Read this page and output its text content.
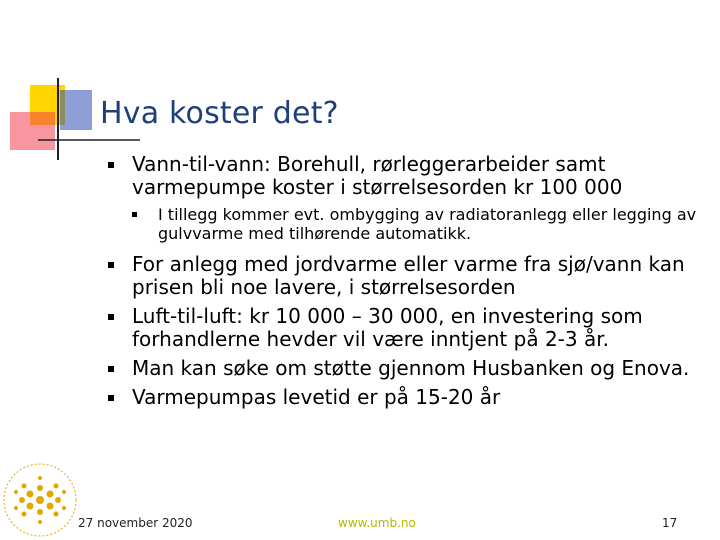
Hva koster det?
Vann-til-vann: Borehull, rørleggerarbeider samt varmepumpe koster i størrelsesorden kr 100 000
I tillegg kommer evt. ombygging av radiatoranlegg eller legging av gulvvarme med tilhørende automatikk.
For anlegg med jordvarme eller varme fra sjø/vann kan prisen bli noe lavere, i størrelsesorden
Luft-til-luft: kr 10 000 – 30 000, en investering som forhandlerne hevder vil være inntjent på 2-3 år.
Man kan søke om støtte gjennom Husbanken og Enova.
Varmepumpas levetid er på 15-20 år
27 november 2020	www.umb.no	17
